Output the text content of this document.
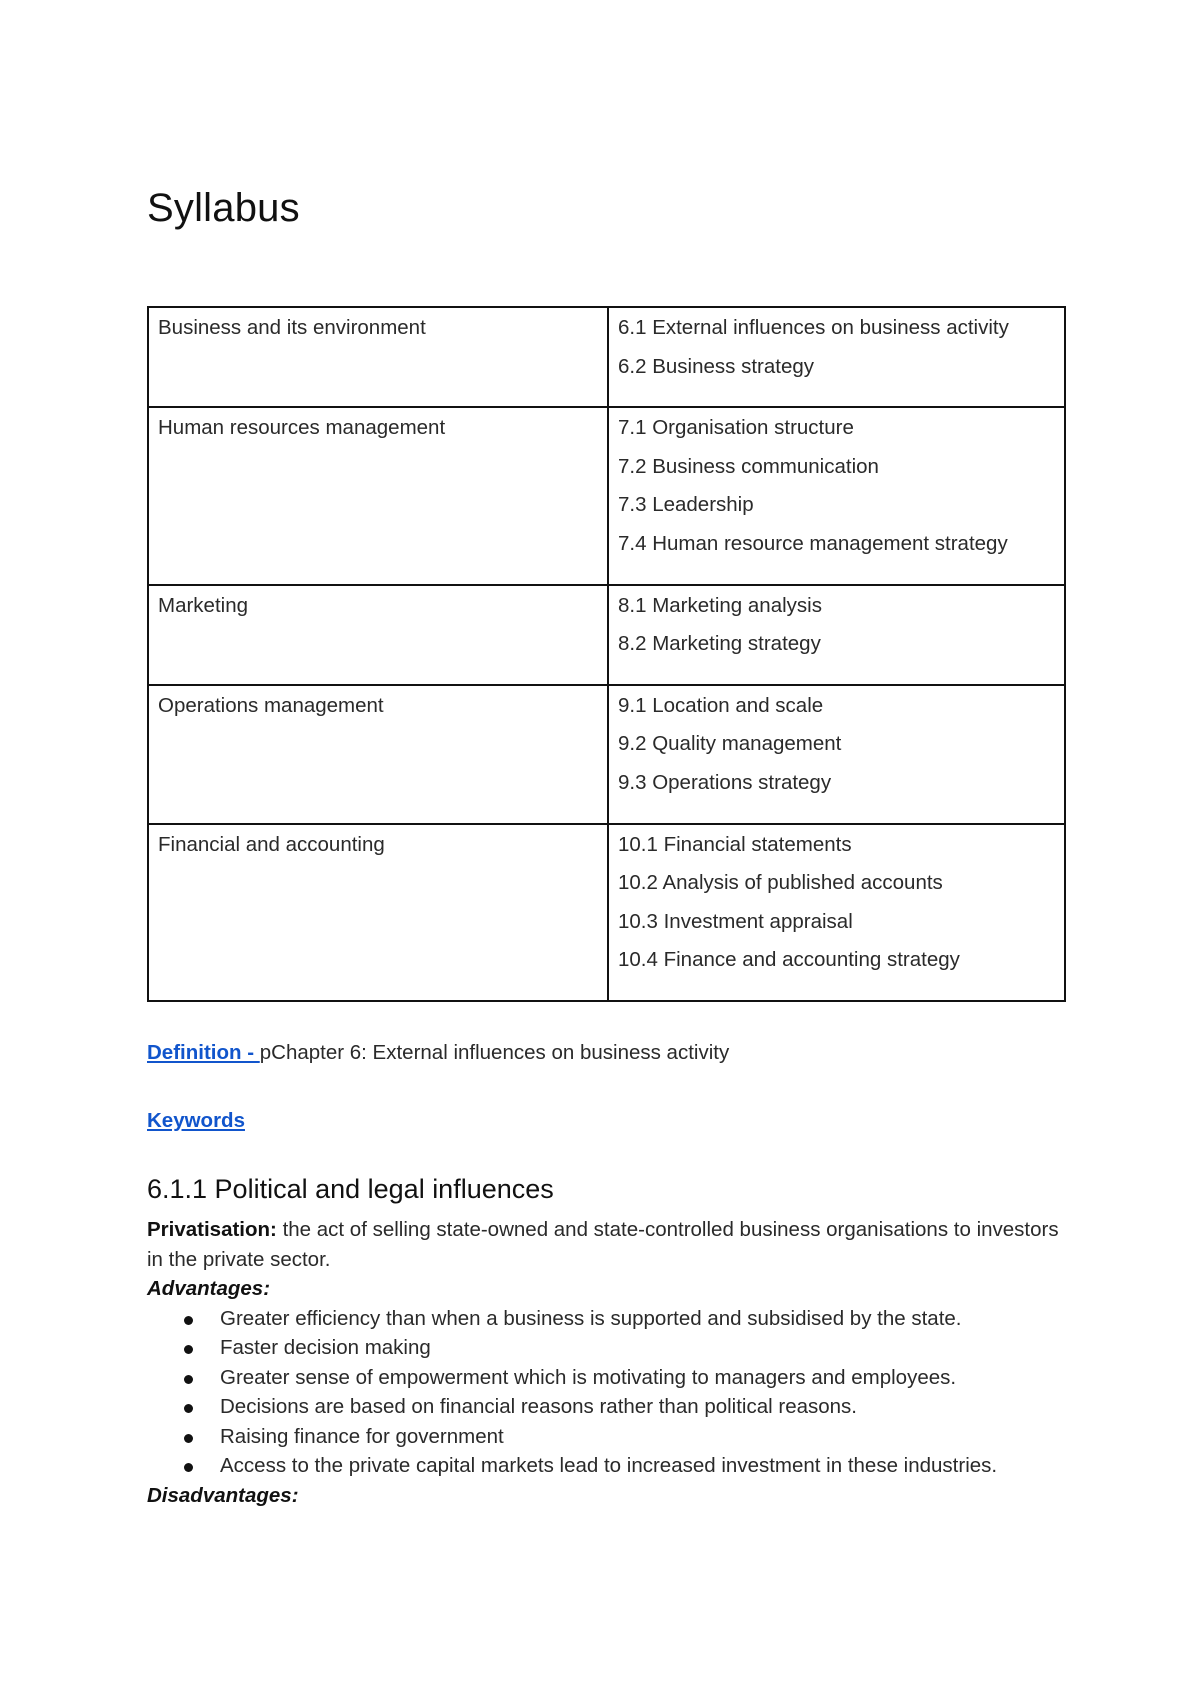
Syllabus
Business and its environment	6.1 External influences on business activity
6.2 Business strategy

Human resources management	7.1 Organisation structure
7.2 Business communication
7.3 Leadership
7.4 Human resource management strategy

Marketing	8.1 Marketing analysis
8.2 Marketing strategy

Operations management	9.1 Location and scale
9.2 Quality management
9.3 Operations strategy

Financial and accounting	10.1 Financial statements
10.2 Analysis of published accounts
10.3 Investment appraisal
10.4 Finance and accounting strategy
Definition - pChapter 6: External influences on business activity
Keywords
6.1.1 Political and legal influences

Privatisation: the act of selling state-owned and state-controlled business organisations to investors in the private sector.

Advantages:

Greater efficiency than when a business is supported and subsidised by the state.
Faster decision making
Greater sense of empowerment which is motivating to managers and employees.
Decisions are based on financial reasons rather than political reasons.
Raising finance for government
Access to the private capital markets lead to increased investment in these industries.

Disadvantages:
